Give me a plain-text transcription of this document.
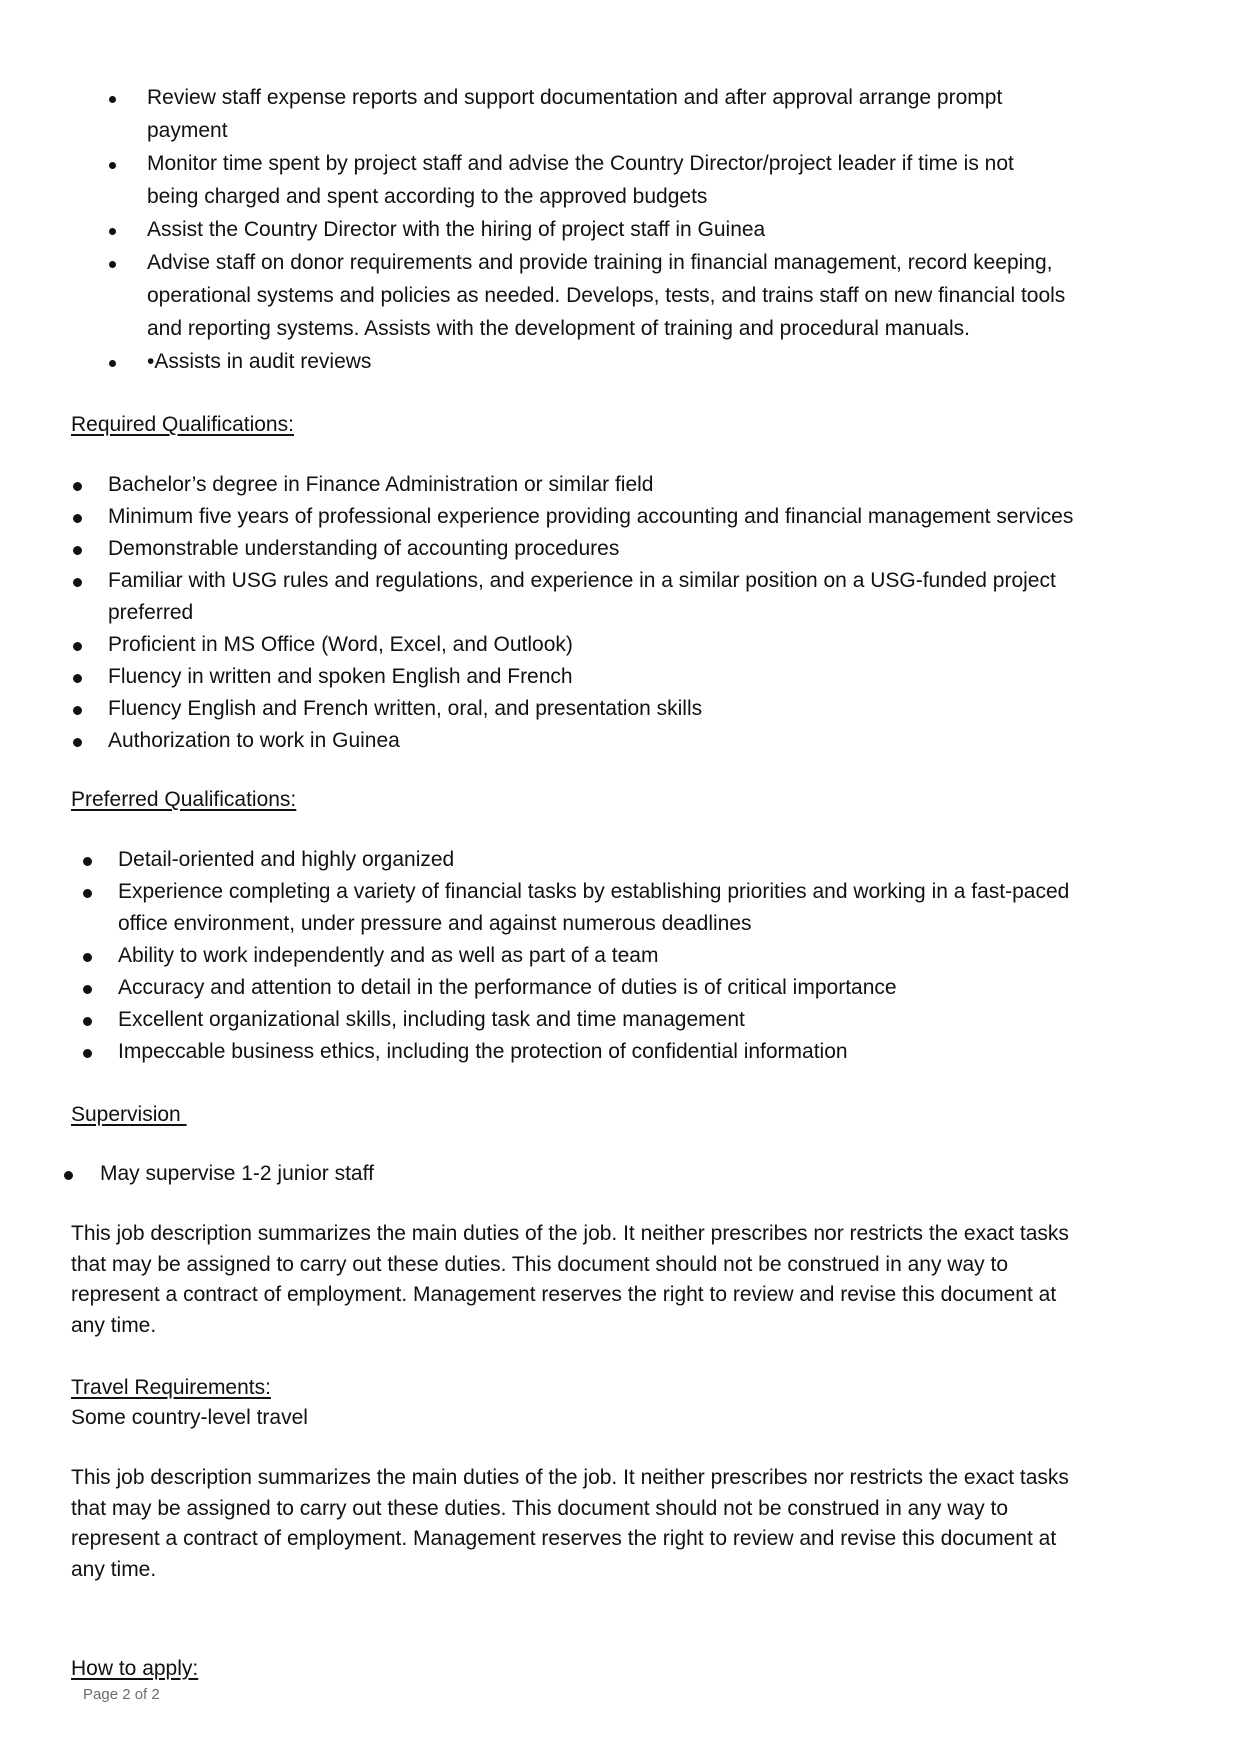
Review staff expense reports and support documentation and after approval arrange prompt
payment
Monitor time spent by project staff and advise the Country Director/project leader if time is not
being charged and spent according to the approved budgets
Assist the Country Director with the hiring of project staff in Guinea
Advise staff on donor requirements and provide training in financial management, record keeping,
operational systems and policies as needed. Develops, tests, and trains staff on new financial tools
and reporting systems. Assists with the development of training and procedural manuals.
•Assists in audit reviews
Required Qualifications:
Bachelor’s degree in Finance Administration or similar field
Minimum five years of professional experience providing accounting and financial management services
Demonstrable understanding of accounting procedures
Familiar with USG rules and regulations, and experience in a similar position on a USG-funded project
preferred
Proficient in MS Office (Word, Excel, and Outlook)
Fluency in written and spoken English and French
Fluency English and French written, oral, and presentation skills
Authorization to work in Guinea
Preferred Qualifications:
Detail-oriented and highly organized
Experience completing a variety of financial tasks by establishing priorities and working in a fast-paced
office environment, under pressure and against numerous deadlines
Ability to work independently and as well as part of a team
Accuracy and attention to detail in the performance of duties is of critical importance
Excellent organizational skills, including task and time management
Impeccable business ethics, including the protection of confidential information
Supervision
May supervise 1-2 junior staff
This job description summarizes the main duties of the job. It neither prescribes nor restricts the exact tasks
that may be assigned to carry out these duties. This document should not be construed in any way to
represent a contract of employment. Management reserves the right to review and revise this document at
any time.
Travel Requirements:
Some country-level travel
This job description summarizes the main duties of the job. It neither prescribes nor restricts the exact tasks
that may be assigned to carry out these duties. This document should not be construed in any way to
represent a contract of employment. Management reserves the right to review and revise this document at
any time.
How to apply:
Page 2 of 2
